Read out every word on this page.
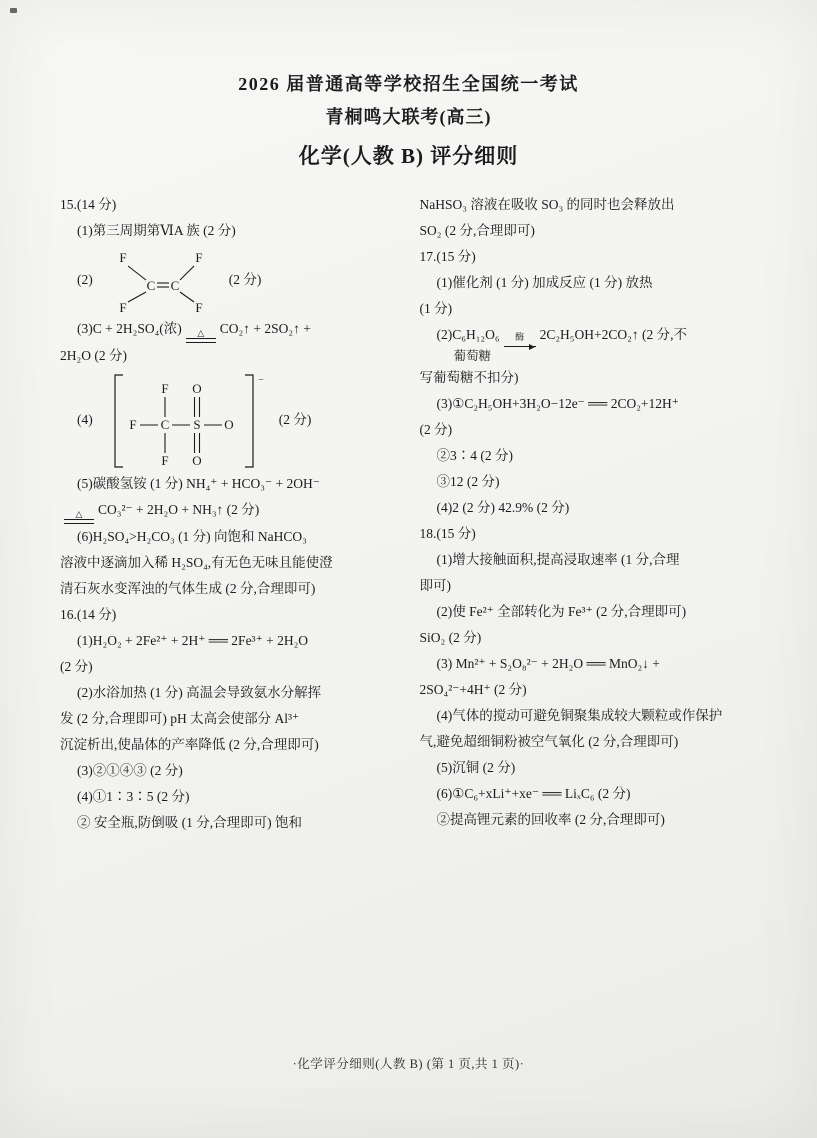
2026 届普通高等学校招生全国统一考试
青桐鸣大联考(高三)
化学(人教 B) 评分细则
15.(14 分)
(1)第三周期第ⅥA 族 (2 分)
(2)
F	F
C C
F	F
(2 分)
(3)C + 2H₂SO₄(浓) △ CO₂↑ + 2SO₂↑ +
2H₂O (2 分)
(4)
−
F C S O
F O
F O
(2 分)
(5)碳酸氢铵 (1 分) NH₄⁺ + HCO₃⁻ + 2OH⁻
△ CO₃²⁻ + 2H₂O + NH₃↑ (2 分)
(6)H₂SO₄>H₂CO₃ (1 分) 向饱和 NaHCO₃
溶液中逐滴加入稀 H₂SO₄,有无色无味且能使澄
清石灰水变浑浊的气体生成 (2 分,合理即可)
16.(14 分)
(1)H₂O₂ + 2Fe²⁺ + 2H⁺ ══ 2Fe³⁺ + 2H₂O
(2 分)
(2)水浴加热 (1 分) 高温会导致氨水分解挥
发 (2 分,合理即可) pH 太高会使部分 Al³⁺
沉淀析出,使晶体的产率降低 (2 分,合理即可)
(3)②①④③ (2 分)
(4)①1∶3∶5 (2 分)
② 安全瓶,防倒吸 (1 分,合理即可) 饱和
NaHSO₃ 溶液在吸收 SO₃ 的同时也会释放出
SO₂ (2 分,合理即可)
17.(15 分)
(1)催化剂 (1 分) 加成反应 (1 分) 放热
(1 分)
(2)C₆H₁₂O₆ 酶 2C₂H₅OH+2CO₂↑ (2 分,不
葡萄糖
写葡萄糖不扣分)
(3)①C₂H₅OH+3H₂O−12e⁻ ══ 2CO₂+12H⁺
(2 分)
②3∶4 (2 分)
③12 (2 分)
(4)2 (2 分) 42.9% (2 分)
18.(15 分)
(1)增大接触面积,提高浸取速率 (1 分,合理
即可)
(2)使 Fe²⁺ 全部转化为 Fe³⁺ (2 分,合理即可)
SiO₂ (2 分)
(3) Mn²⁺ + S₂O₈²⁻ + 2H₂O ══ MnO₂↓ +
2SO₄²⁻+4H⁺ (2 分)
(4)气体的搅动可避免铜聚集成较大颗粒或作保护
气,避免超细铜粉被空气氧化 (2 分,合理即可)
(5)沉铜 (2 分)
(6)①C₆+xLi⁺+xe⁻ ══ LiₓC₆ (2 分)
②提高锂元素的回收率 (2 分,合理即可)
·化学评分细则(人教 B) (第 1 页,共 1 页)·
